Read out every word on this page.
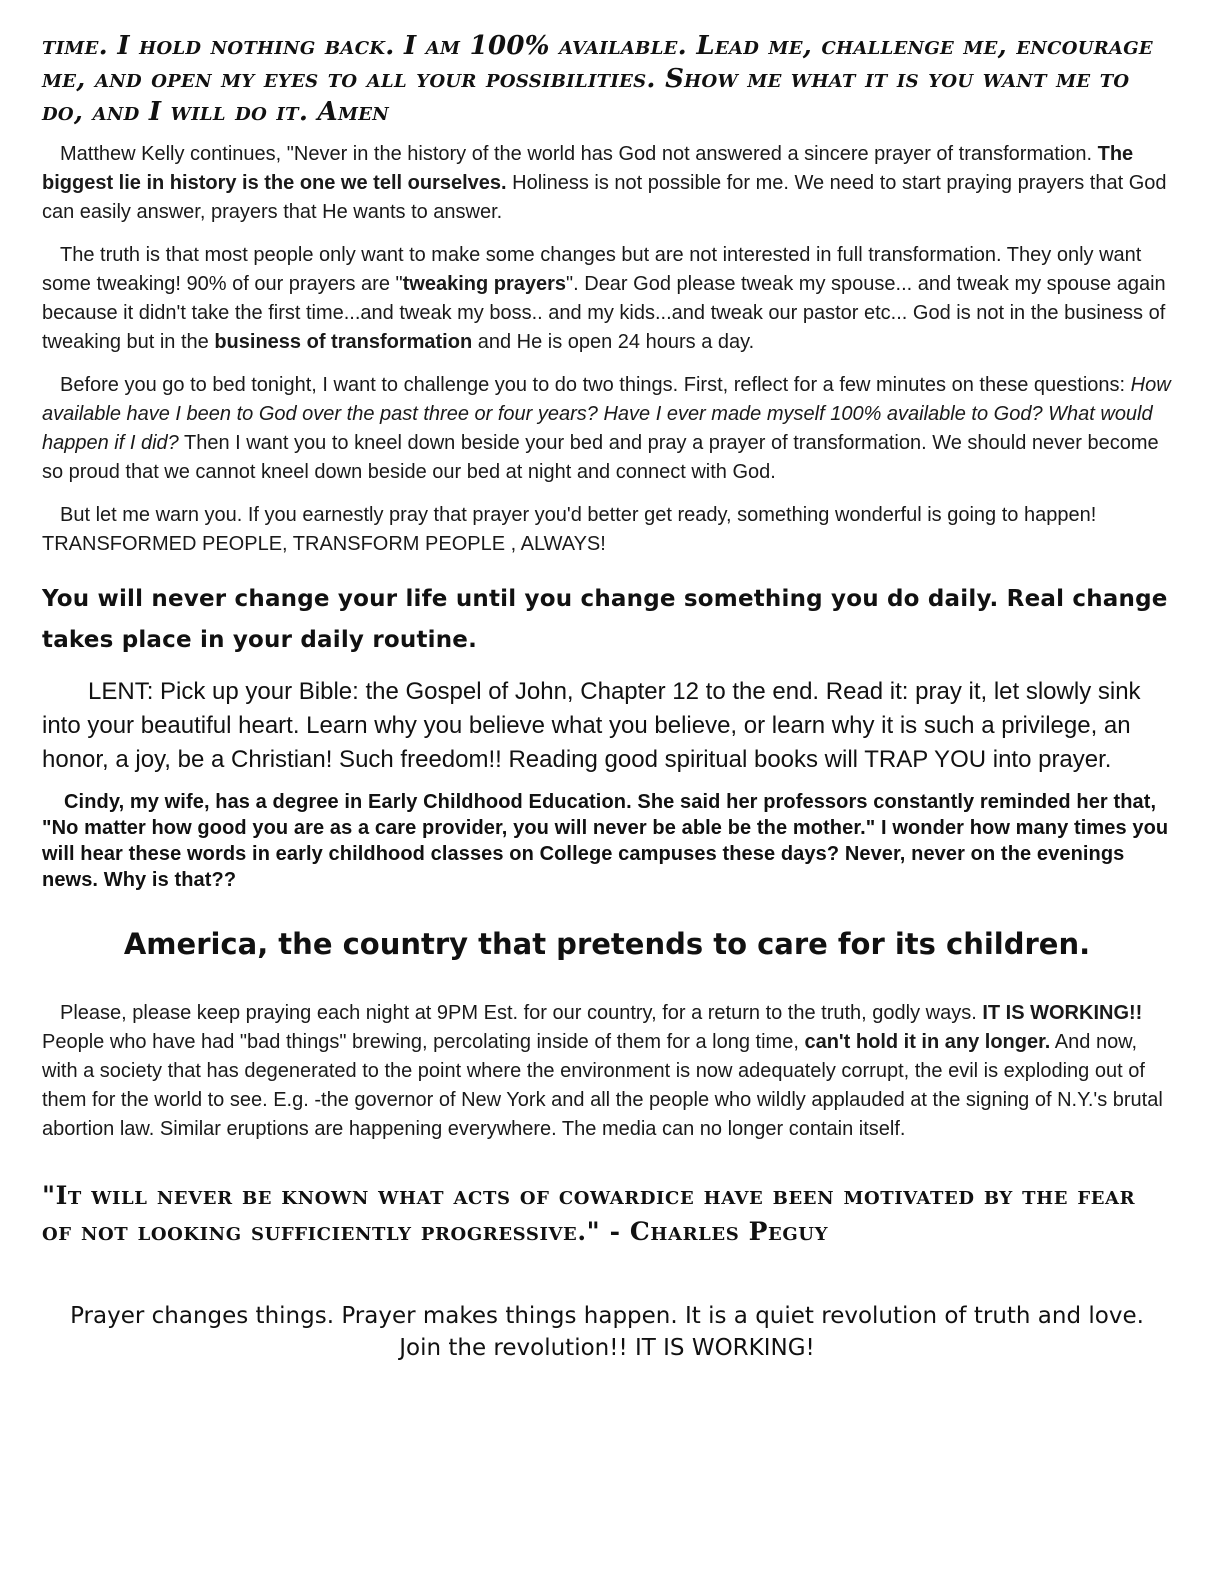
time. I hold nothing back. I am 100% available. Lead me, challenge me, encourage me, and open my eyes to all your possibilities. Show me what it is you want me to do, and I will do it. Amen

Matthew Kelly continues, "Never in the history of the world has God not answered a sincere prayer of transformation. The biggest lie in history is the one we tell ourselves. Holiness is not possible for me. We need to start praying prayers that God can easily answer, prayers that He wants to answer.

The truth is that most people only want to make some changes but are not interested in full transformation. They only want some tweaking! 90% of our prayers are "tweaking prayers". Dear God please tweak my spouse... and tweak my spouse again because it didn't take the first time...and tweak my boss.. and my kids...and tweak our pastor etc... God is not in the business of tweaking but in the business of transformation and He is open 24 hours a day.

Before you go to bed tonight, I want to challenge you to do two things. First, reflect for a few minutes on these questions: How available have I been to God over the past three or four years? Have I ever made myself 100% available to God? What would happen if I did? Then I want you to kneel down beside your bed and pray a prayer of transformation. We should never become so proud that we cannot kneel down beside our bed at night and connect with God.

But let me warn you. If you earnestly pray that prayer you'd better get ready, something wonderful is going to happen! TRANSFORMED PEOPLE, TRANSFORM PEOPLE , ALWAYS!

You will never change your life until you change something you do daily. Real change takes place in your daily routine.

LENT: Pick up your Bible: the Gospel of John, Chapter 12 to the end. Read it: pray it, let slowly sink into your beautiful heart. Learn why you believe what you believe, or learn why it is such a privilege, an honor, a joy, be a Christian! Such freedom!! Reading good spiritual books will TRAP YOU into prayer.

Cindy, my wife, has a degree in Early Childhood Education. She said her professors constantly reminded her that, "No matter how good you are as a care provider, you will never be able be the mother." I wonder how many times you will hear these words in early childhood classes on College campuses these days? Never, never on the evenings news. Why is that??

America, the country that pretends to care for its children.

Please, please keep praying each night at 9PM Est. for our country, for a return to the truth, godly ways. IT IS WORKING!! People who have had "bad things" brewing, percolating inside of them for a long time, can't hold it in any longer. And now, with a society that has degenerated to the point where the environment is now adequately corrupt, the evil is exploding out of them for the world to see. E.g. -the governor of New York and all the people who wildly applauded at the signing of N.Y.'s brutal abortion law. Similar eruptions are happening everywhere. The media can no longer contain itself.

"It will never be known what acts of cowardice have been motivated by the fear of not looking sufficiently progressive." - Charles Peguy

Prayer changes things. Prayer makes things happen. It is a quiet revolution of truth and love.

Join the revolution!! IT IS WORKING!
